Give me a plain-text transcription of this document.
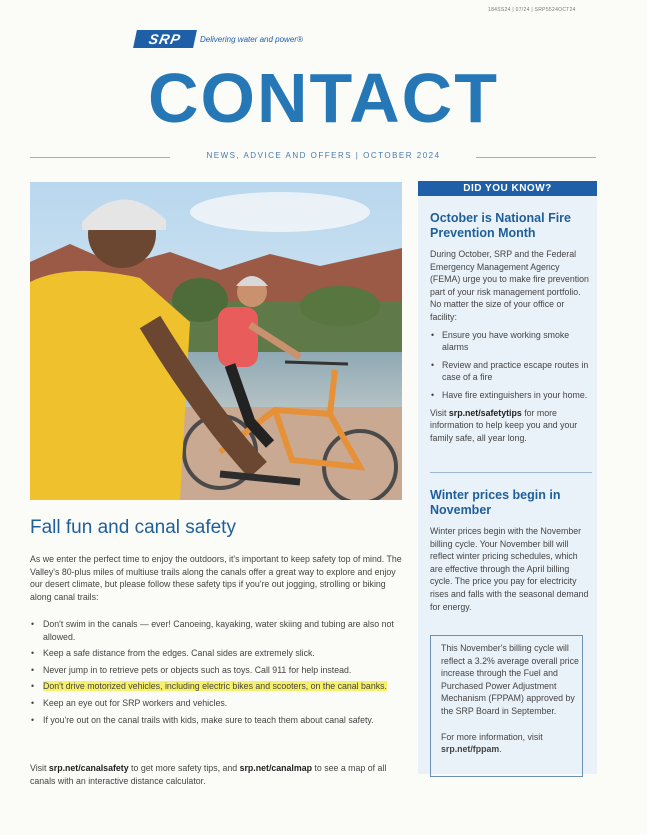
184SS24 | 07/24 | SRP5524OCT24
SRP	Delivering water and power®
CONTACT
NEWS, ADVICE AND OFFERS | OCTOBER 2024
Fall fun and canal safety
As we enter the perfect time to enjoy the outdoors, it's important to keep safety top of mind. The Valley's 80-plus miles of multiuse trails along the canals offer a great way to explore and enjoy our desert climate, but please follow these safety tips if you're out jogging, strolling or biking along canal trails:
• Don't swim in the canals — ever! Canoeing, kayaking, water skiing and tubing are also not allowed.
• Keep a safe distance from the edges. Canal sides are extremely slick.
• Never jump in to retrieve pets or objects such as toys. Call 911 for help instead.
• Don't drive motorized vehicles, including electric bikes and scooters, on the canal banks.
• Keep an eye out for SRP workers and vehicles.
• If you're out on the canal trails with kids, make sure to teach them about canal safety.
Visit srp.net/canalsafety to get more safety tips, and srp.net/canalmap to see a map of all canals with an interactive distance calculator.
DID YOU KNOW?
October is National Fire Prevention Month
During October, SRP and the Federal Emergency Management Agency (FEMA) urge you to make fire prevention part of your risk management portfolio. No matter the size of your office or facility:
• Ensure you have working smoke alarms
• Review and practice escape routes in case of a fire
• Have fire extinguishers in your home.
Visit srp.net/safetytips for more information to help keep you and your family safe, all year long.
Winter prices begin in November
Winter prices begin with the November billing cycle. Your November bill will reflect winter pricing schedules, which are effective through the April billing cycle. The price you pay for electricity rises and falls with the seasonal demand for energy.
This November's billing cycle will reflect a 3.2% average overall price increase through the Fuel and Purchased Power Adjustment Mechanism (FPPAM) approved by the SRP Board in September.
For more information, visit srp.net/fppam.
